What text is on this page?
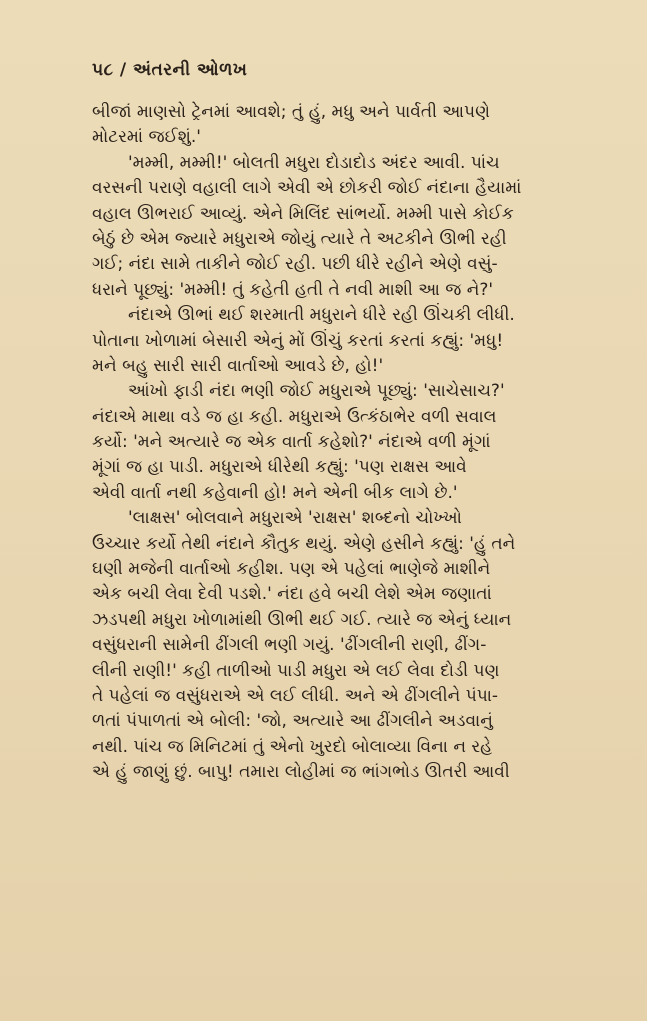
૫૮ / અંતરની ઓળખ
બીજાં માણસો ટ્રેનમાં આવશે; તું હું, મધુ અને પાર્વતી આપણે
મોટરમાં જઈશું.'
'મમ્મી, મમ્મી!' બોલતી મધુરા દોડાદોડ અંદર આવી. પાંચ
વરસની પરાણે વહાલી લાગે એવી એ છોકરી જોઈ નંદાના હૈયામાં
વહાલ ઊભરાઈ આવ્યું. એને મિલિંદ સાંભર્યો. મમ્મી પાસે કોઈક
બેઠું છે એમ જ્યારે મધુરાએ જોયું ત્યારે તે અટકીને ઊભી રહી
ગઈ; નંદા સામે તાકીને જોઈ રહી. પછી ધીરે રહીને એણે વસું-
ધરાને પૂછ્યું: 'મમ્મી! તું કહેતી હતી તે નવી માશી આ જ ને?'
નંદાએ ઊભાં થઈ શરમાતી મધુરાને ધીરે રહી ઊંચકી લીધી.
પોતાના ખોળામાં બેસારી એનું મોં ઊંચું કરતાં કરતાં કહ્યું: 'મધુ!
મને બહુ સારી સારી વાર્તાઓ આવડે છે, હો!'
આંખો ફાડી નંદા ભણી જોઈ મધુરાએ પૂછ્યું: 'સાચેસાચ?'
નંદાએ માથા વડે જ હા કહી. મધુરાએ ઉત્કંઠાભેર વળી સવાલ
કર્યો: 'મને અત્યારે જ એક વાર્તા કહેશો?' નંદાએ વળી મૂંગાં
મૂંગાં જ હા પાડી. મધુરાએ ધીરેથી કહ્યું: 'પણ રાક્ષસ આવે
એવી વાર્તા નથી કહેવાની હો! મને એની બીક લાગે છે.'
'લાક્ષસ' બોલવાને મધુરાએ 'રાક્ષસ' શબ્દનો ચોખ્ખો
ઉચ્ચાર કર્યો તેથી નંદાને કૌતુક થયું. એણે હસીને કહ્યું: 'હું તને
ઘણી મજેની વાર્તાઓ કહીશ. પણ એ પહેલાં ભાણેજે માશીને
એક બચી લેવા દેવી પડશે.' નંદા હવે બચી લેશે એમ જણાતાં
ઝડપથી મધુરા ખોળામાંથી ઊભી થઈ ગઈ. ત્યારે જ એનું ધ્યાન
વસુંધરાની સામેની ઢીંગલી ભણી ગયું. 'ઢીંગલીની રાણી, ઢીંગ-
લીની રાણી!' કહી તાળીઓ પાડી મધુરા એ લઈ લેવા દોડી પણ
તે પહેલાં જ વસુંધરાએ એ લઈ લીધી. અને એ ઢીંગલીને પંપા-
ળતાં પંપાળતાં એ બોલી: 'જો, અત્યારે આ ઢીંગલીને અડવાનું
નથી. પાંચ જ મિનિટમાં તું એનો ખુરદો બોલાવ્યા વિના ન રહે
એ હું જાણું છું. બાપુ! તમારા લોહીમાં જ ભાંગભોડ ઊતરી આવી
